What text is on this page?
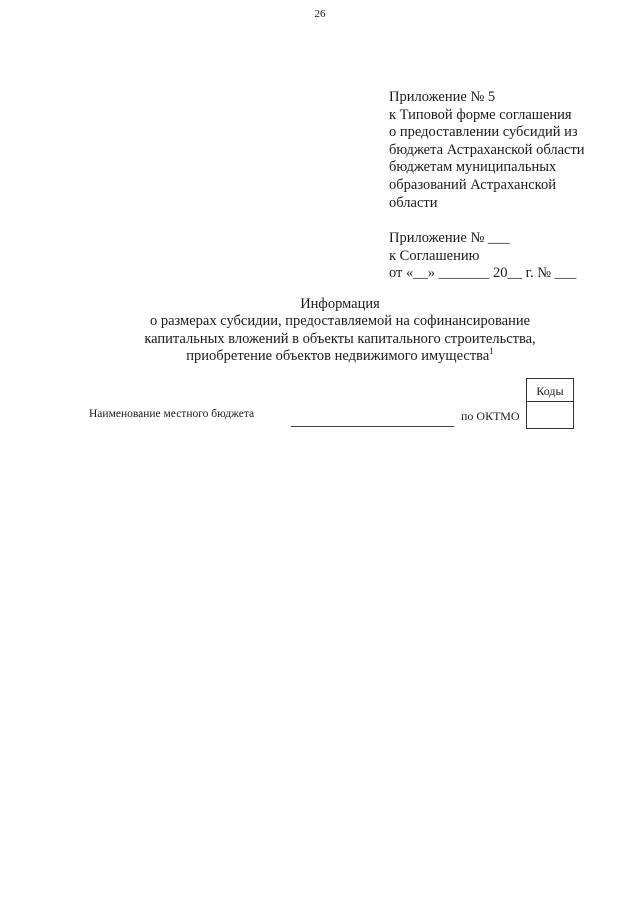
26
Приложение № 5
к Типовой форме соглашения
о предоставлении субсидий из
бюджета Астраханской области
бюджетам муниципальных
образований Астраханской
области
Приложение № ___
к Соглашению
от «__» _______ 20__ г. № ___
Информация
о размерах субсидии, предоставляемой на софинансирование
капитальных вложений в объекты капитального строительства,
приобретение объектов недвижимого имущества$^1$
Коды
Наименование местного бюджета	по ОКТМО
